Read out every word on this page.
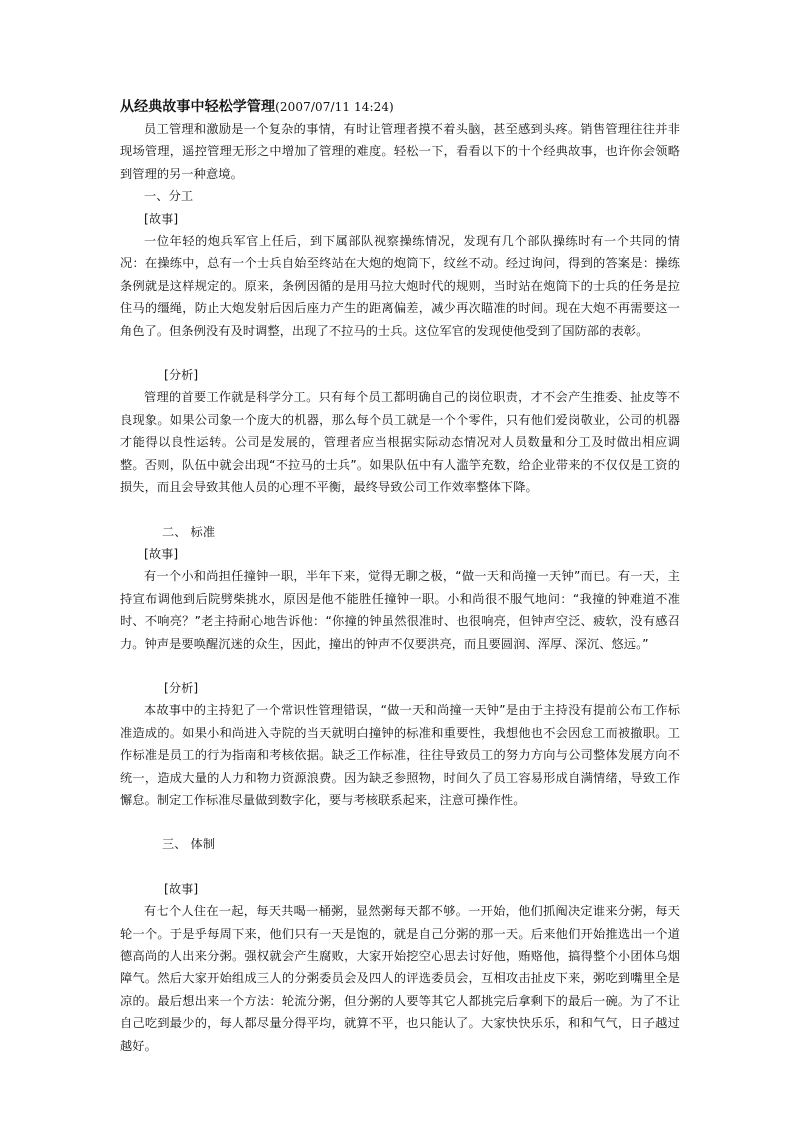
从经典故事中轻松学管理(2007/07/11 14:24)

员工管理和激励是一个复杂的事情，有时让管理者摸不着头脑，甚至感到头疼。销售管理往往并非现场管理，遥控管理无形之中增加了管理的难度。轻松一下，看看以下的十个经典故事，也许你会领略到管理的另一种意境。

一、分工

[故事]

一位年轻的炮兵军官上任后，到下属部队视察操练情况，发现有几个部队操练时有一个共同的情况：在操练中，总有一个士兵自始至终站在大炮的炮筒下，纹丝不动。经过询问，得到的答案是：操练条例就是这样规定的。原来，条例因循的是用马拉大炮时代的规则，当时站在炮筒下的士兵的任务是拉住马的缰绳，防止大炮发射后因后座力产生的距离偏差，减少再次瞄准的时间。现在大炮不再需要这一角色了。但条例没有及时调整，出现了不拉马的士兵。这位军官的发现使他受到了国防部的表彰。

[分析]

管理的首要工作就是科学分工。只有每个员工都明确自己的岗位职责，才不会产生推委、扯皮等不良现象。如果公司象一个庞大的机器，那么每个员工就是一个个零件，只有他们爱岗敬业，公司的机器才能得以良性运转。公司是发展的，管理者应当根据实际动态情况对人员数量和分工及时做出相应调整。否则，队伍中就会出现“不拉马的士兵”。如果队伍中有人滥竽充数，给企业带来的不仅仅是工资的损失，而且会导致其他人员的心理不平衡，最终导致公司工作效率整体下降。

二、 标准

[故事]

有一个小和尚担任撞钟一职，半年下来，觉得无聊之极，“做一天和尚撞一天钟”而已。有一天，主持宣布调他到后院劈柴挑水，原因是他不能胜任撞钟一职。小和尚很不服气地问：“我撞的钟难道不准时、不响亮？”老主持耐心地告诉他：“你撞的钟虽然很准时、也很响亮，但钟声空泛、疲软，没有感召力。钟声是要唤醒沉迷的众生，因此，撞出的钟声不仅要洪亮，而且要圆润、浑厚、深沉、悠远。”

[分析]

本故事中的主持犯了一个常识性管理错误，“做一天和尚撞一天钟”是由于主持没有提前公布工作标准造成的。如果小和尚进入寺院的当天就明白撞钟的标准和重要性，我想他也不会因怠工而被撤职。工作标准是员工的行为指南和考核依据。缺乏工作标准，往往导致员工的努力方向与公司整体发展方向不统一，造成大量的人力和物力资源浪费。因为缺乏参照物，时间久了员工容易形成自满情绪，导致工作懈怠。制定工作标准尽量做到数字化，要与考核联系起来，注意可操作性。

三、 体制

[故事]

有七个人住在一起，每天共喝一桶粥，显然粥每天都不够。一开始，他们抓阄决定谁来分粥，每天轮一个。于是乎每周下来，他们只有一天是饱的，就是自己分粥的那一天。后来他们开始推选出一个道德高尚的人出来分粥。强权就会产生腐败，大家开始挖空心思去讨好他，贿赂他，搞得整个小团体乌烟障气。然后大家开始组成三人的分粥委员会及四人的评选委员会，互相攻击扯皮下来，粥吃到嘴里全是凉的。最后想出来一个方法：轮流分粥，但分粥的人要等其它人都挑完后拿剩下的最后一碗。为了不让自己吃到最少的，每人都尽量分得平均，就算不平，也只能认了。大家快快乐乐，和和气气，日子越过越好。
